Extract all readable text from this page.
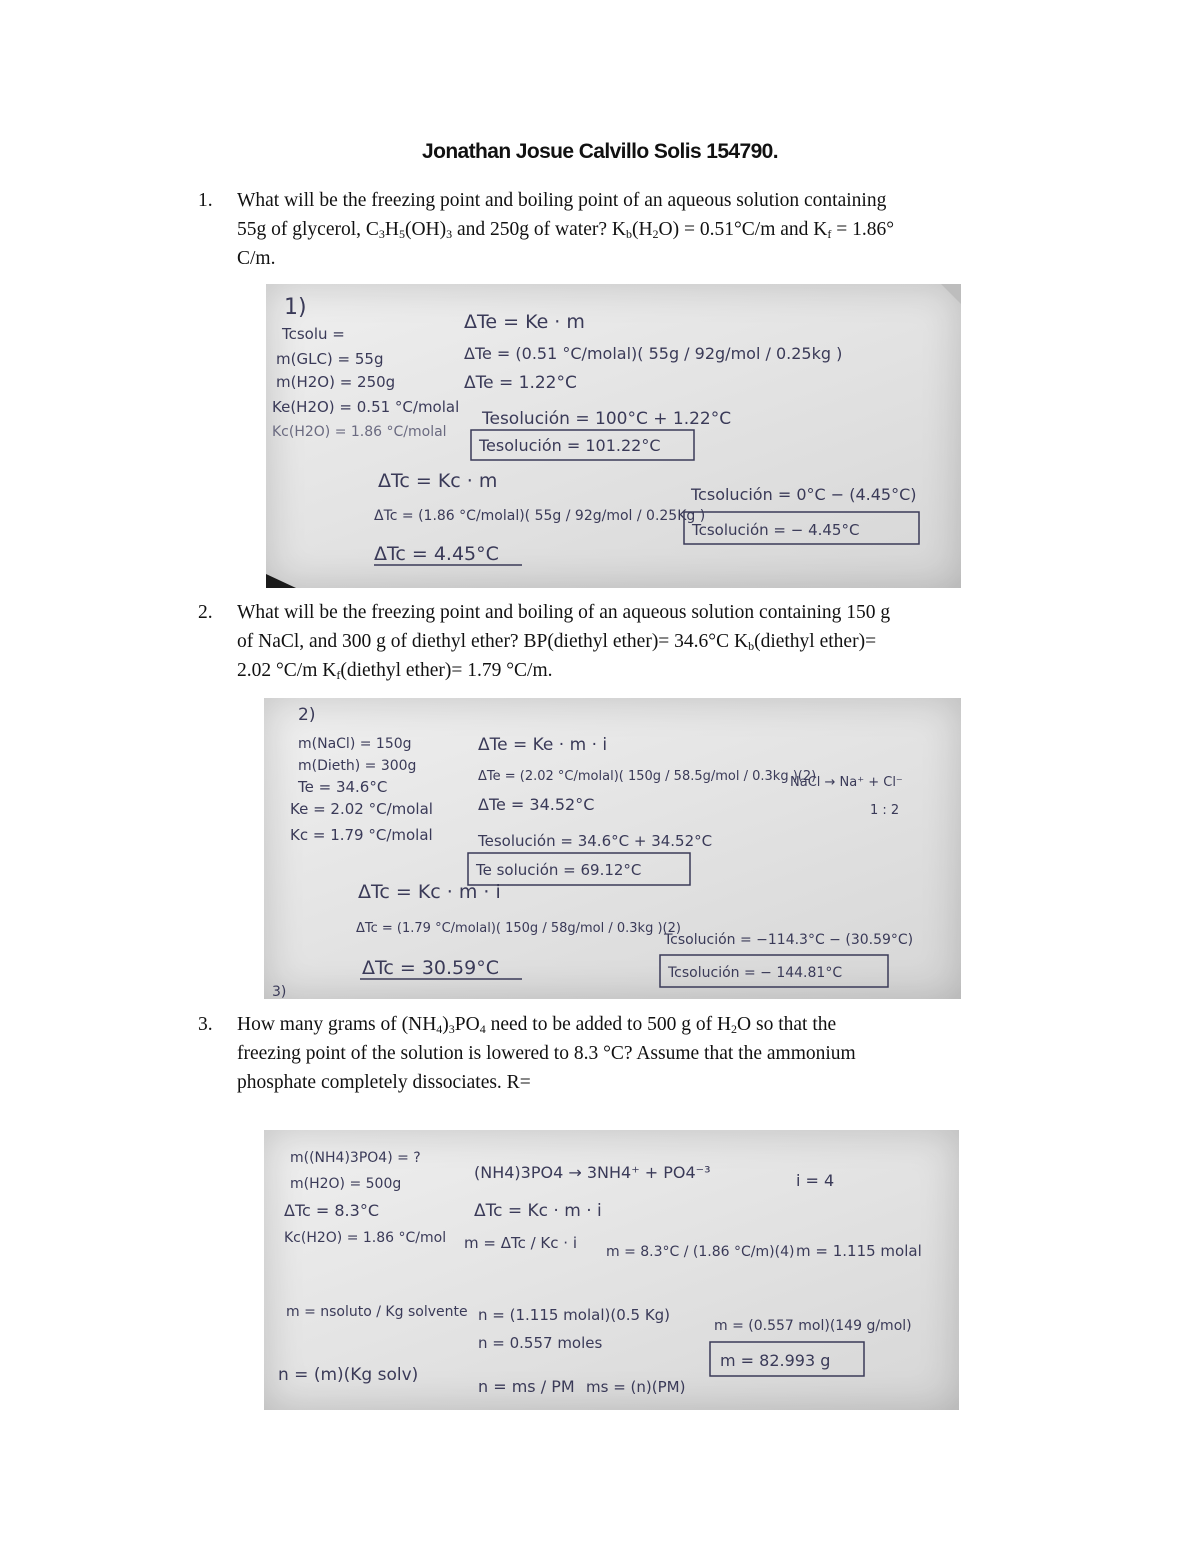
Jonathan Josue Calvillo Solis 154790.
1.	What will be the freezing point and boiling point of an aqueous solution containing
55g of glycerol, $C_3H_5(OH)_3$ and 250g of water? $K_b(H_2O) = 0.51^\circ C/m$ and $K_f = 1.86^\circ$
C/m.
1)
Tcsolu =
m(GLC) = 55g
m(H2O) = 250g
Ke(H2O) = 0.51 °C/molal
Kc(H2O) = 1.86 °C/molal
ΔTe = Ke · m
ΔTe = (0.51 °C/molal)( 55g / 92g/mol / 0.25kg )
ΔTe = 1.22°C
Tesolución = 100°C + 1.22°C
Tesolución = 101.22°C
ΔTc = Kc · m
ΔTc = (1.86 °C/molal)( 55g / 92g/mol / 0.25Kg )
ΔTc = 4.45°C
Tcsolución = 0°C − (4.45°C)
Tcsolución = − 4.45°C
2.	What will be the freezing point and boiling of an aqueous solution containing 150 g
of NaCl, and 300 g of diethyl ether? BP(diethyl ether)= 34.6°C $K_b(diethyl$ ether)=
2.02 °C/m $K_f(diethyl$ ether)= 1.79 °C/m.
2)
m(NaCl) = 150g
m(Dieth) = 300g
Te = 34.6°C
Ke = 2.02 °C/molal
Kc = 1.79 °C/molal
ΔTe = Ke · m · i
ΔTe = (2.02 °C/molal)( 150g / 58.5g/mol / 0.3kg )(2)
ΔTe = 34.52°C
NaCl → Na⁺ + Cl⁻
1 : 2
Tesolución = 34.6°C + 34.52°C
Te solución = 69.12°C
ΔTc = Kc · m · i
ΔTc = (1.79 °C/molal)( 150g / 58g/mol / 0.3kg )(2)
ΔTc = 30.59°C
Tcsolución = −114.3°C − (30.59°C)
Tcsolución = − 144.81°C
3)
3.	How many grams of $(NH_4)_3PO_4$ need to be added to 500 g of $H_2O$ so that the
freezing point of the solution is lowered to 8.3 °C? Assume that the ammonium
phosphate completely dissociates. R=
m((NH4)3PO4) = ?
m(H2O) = 500g
ΔTc = 8.3°C
Kc(H2O) = 1.86 °C/mol
(NH4)3PO4 → 3NH4⁺ + PO4⁻³	i = 4
ΔTc = Kc · m · i
m = ΔTc / Kc · i m = 8.3°C / (1.86 °C/m)(4) m = 1.115 molal
m = nsoluto / Kg solvente n = (1.115 molal)(0.5 Kg)
n = 0.557 moles
m = (0.557 mol)(149 g/mol)
m = 82.993 g
n = (m)(Kg solv)
n = ms / PM ms = (n)(PM)
